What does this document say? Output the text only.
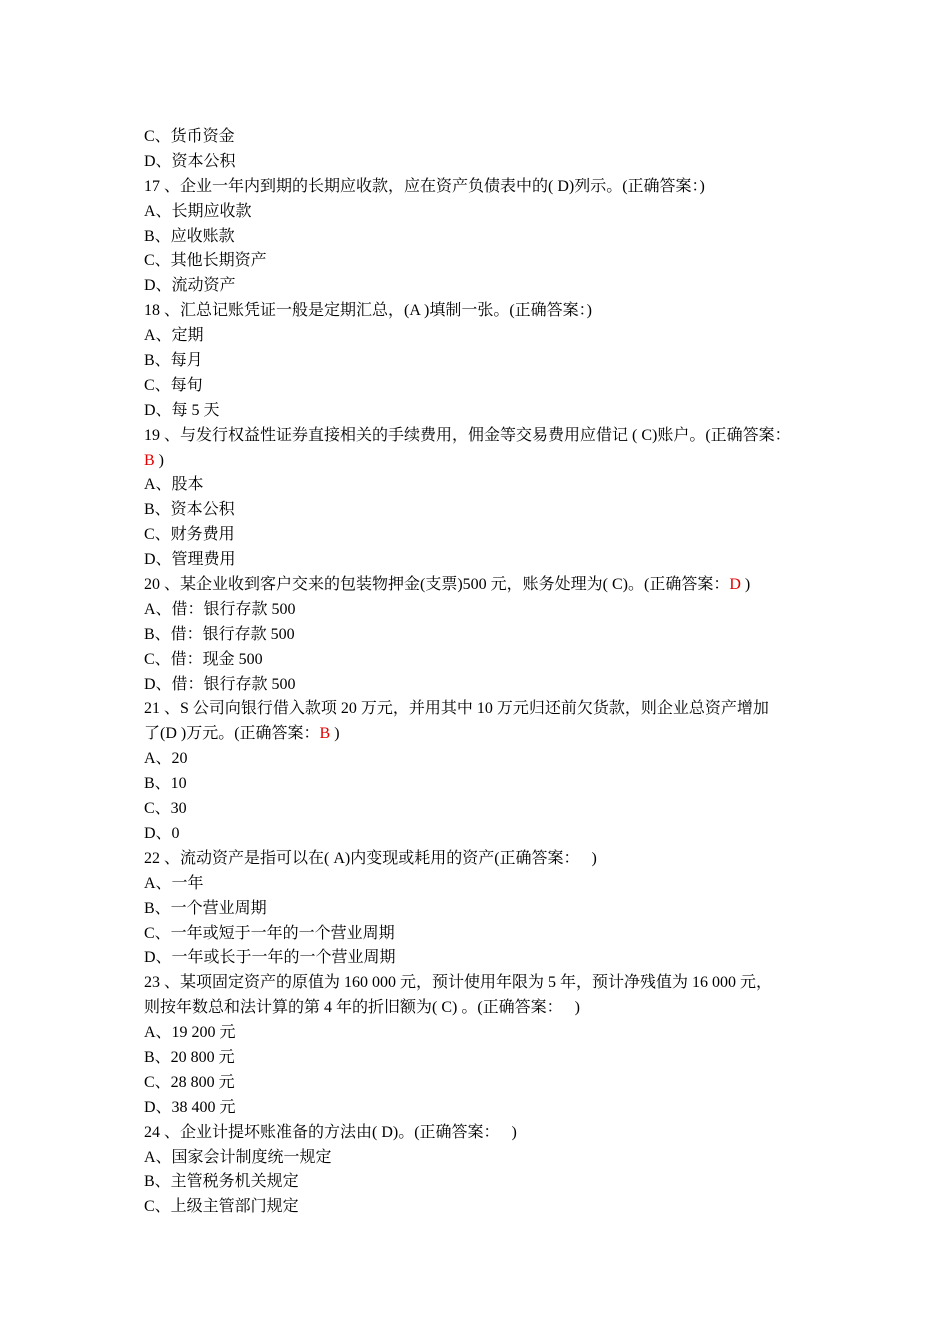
C、货币资金
D、资本公积
17 、企业一年内到期的长期应收款，应在资产负债表中的( D)列示。(正确答案：)
A、长期应收款
B、应收账款
C、其他长期资产
D、流动资产
18 、汇总记账凭证一般是定期汇总，(A )填制一张。(正确答案：)
A、定期
B、每月
C、每旬
D、每 5 天
19 、与发行权益性证券直接相关的手续费用，佣金等交易费用应借记 ( C)账户。(正确答案：
B )
A、股本
B、资本公积
C、财务费用
D、管理费用
20 、某企业收到客户交来的包装物押金(支票)500 元，账务处理为( C)。(正确答案：D )
A、借：银行存款 500
B、借：银行存款 500
C、借：现金 500
D、借：银行存款 500
21 、S 公司向银行借入款项 20 万元，并用其中 10 万元归还前欠货款，则企业总资产增加
了(D )万元。(正确答案：B )
A、20
B、10
C、30
D、0
22 、流动资产是指可以在( A)内变现或耗用的资产(正确答案：   )
A、一年
B、一个营业周期
C、一年或短于一年的一个营业周期
D、一年或长于一年的一个营业周期
23 、某项固定资产的原值为 160 000 元，预计使用年限为 5 年，预计净残值为 16 000 元，
则按年数总和法计算的第 4 年的折旧额为( C) 。(正确答案：   )
A、19 200 元
B、20 800 元
C、28 800 元
D、38 400 元
24 、企业计提坏账准备的方法由( D)。(正确答案：   )
A、国家会计制度统一规定
B、主管税务机关规定
C、上级主管部门规定
